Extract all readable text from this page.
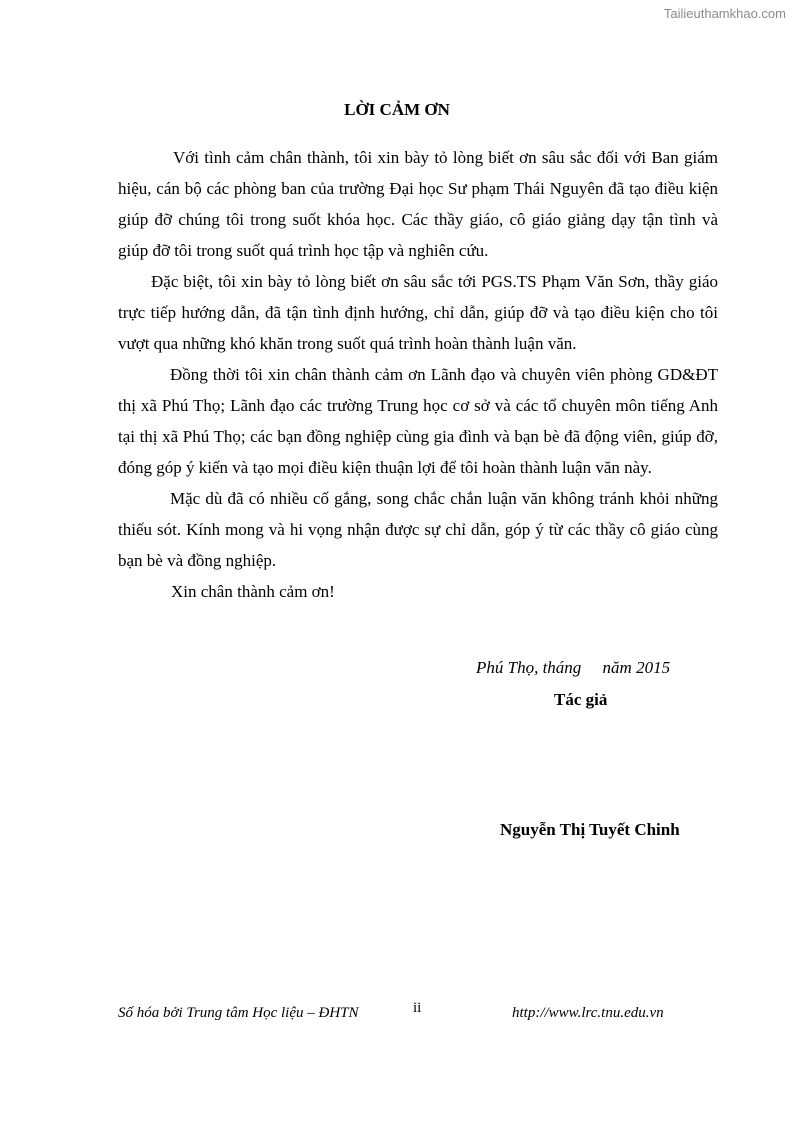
Tailieuthamkhao.com
LỜI CẢM ƠN

Với tình cảm chân thành, tôi xin bày tỏ lòng biết ơn sâu sắc đối với Ban giám hiệu, cán bộ các phòng ban của trường Đại học Sư phạm Thái Nguyên đã tạo điều kiện giúp đỡ chúng tôi trong suốt khóa học. Các thầy giáo, cô giáo giảng dạy tận tình và giúp đỡ tôi trong suốt quá trình học tập và nghiên cứu.

Đặc biệt, tôi xin bày tỏ lòng biết ơn sâu sắc tới PGS.TS Phạm Văn Sơn, thầy giáo trực tiếp hướng dẫn, đã tận tình định hướng, chỉ dẫn, giúp đỡ và tạo điều kiện cho tôi vượt qua những khó khăn trong suốt quá trình hoàn thành luận văn.

Đồng thời tôi xin chân thành cảm ơn Lãnh đạo và chuyên viên phòng GD&ĐT thị xã Phú Thọ; Lãnh đạo các trường Trung học cơ sở và các tổ chuyên môn tiếng Anh tại thị xã Phú Thọ; các bạn đồng nghiệp cùng gia đình và bạn bè đã động viên, giúp đỡ, đóng góp ý kiến và tạo mọi điều kiện thuận lợi để tôi hoàn thành luận văn này.

Mặc dù đã có nhiều cố gắng, song chắc chắn luận văn không tránh khỏi những thiếu sót. Kính mong và hi vọng nhận được sự chỉ dẫn, góp ý từ các thầy cô giáo cùng bạn bè và đồng nghiệp.

Xin chân thành cảm ơn!

Phú Thọ, tháng     năm 2015
Tác giả
Nguyễn Thị Tuyết Chinh
Số hóa bởi Trung tâm Học liệu – ĐHTN	ii	http://www.lrc.tnu.edu.vn
